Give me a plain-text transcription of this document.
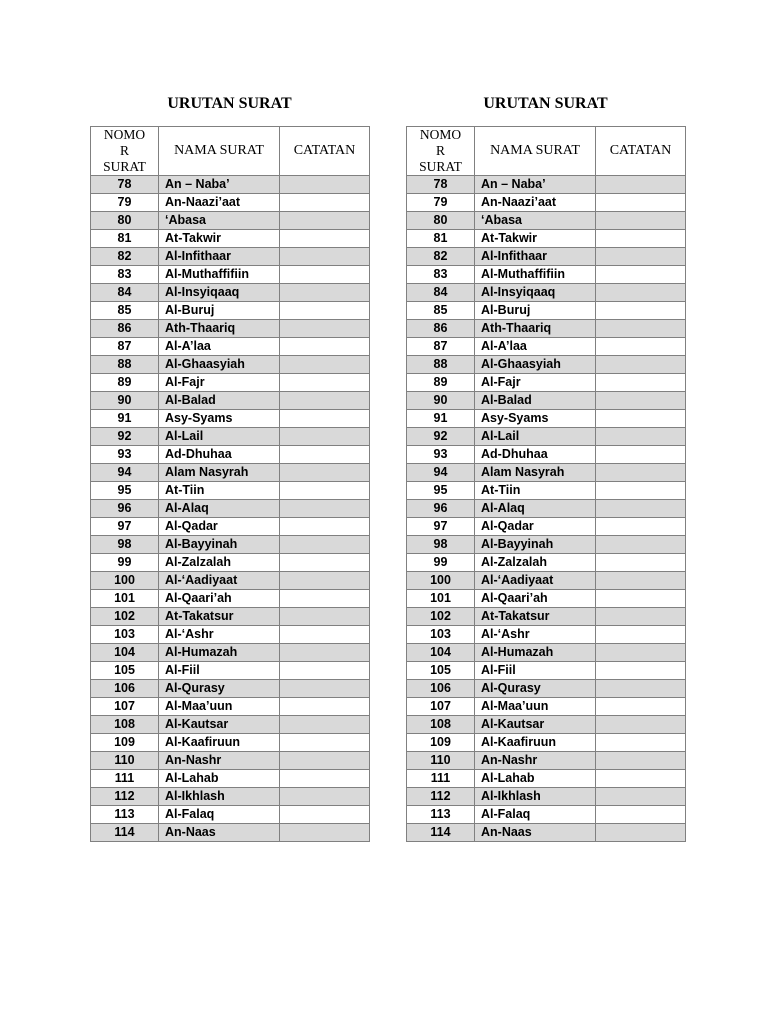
URUTAN SURAT
NOMO
R
SURAT	NAMA SURAT	CATATAN
78	An – Naba’	
79	An-Naazi’aat	
80	‘Abasa	
81	At-Takwir	
82	Al-Infithaar	
83	Al-Muthaffifiin	
84	Al-Insyiqaaq	
85	Al-Buruj	
86	Ath-Thaariq	
87	Al-A’laa	
88	Al-Ghaasyiah	
89	Al-Fajr	
90	Al-Balad	
91	Asy-Syams	
92	Al-Lail	
93	Ad-Dhuhaa	
94	Alam Nasyrah	
95	At-Tiin	
96	Al-Alaq	
97	Al-Qadar	
98	Al-Bayyinah	
99	Al-Zalzalah	
100	Al-‘Aadiyaat	
101	Al-Qaari’ah	
102	At-Takatsur	
103	Al-‘Ashr	
104	Al-Humazah	
105	Al-Fiil	
106	Al-Qurasy	
107	Al-Maa’uun	
108	Al-Kautsar	
109	Al-Kaafiruun	
110	An-Nashr	
111	Al-Lahab	
112	Al-Ikhlash	
113	Al-Falaq	
114	An-Naas	
URUTAN SURAT
NOMO
R
SURAT	NAMA SURAT	CATATAN
78	An – Naba’	
79	An-Naazi’aat	
80	‘Abasa	
81	At-Takwir	
82	Al-Infithaar	
83	Al-Muthaffifiin	
84	Al-Insyiqaaq	
85	Al-Buruj	
86	Ath-Thaariq	
87	Al-A’laa	
88	Al-Ghaasyiah	
89	Al-Fajr	
90	Al-Balad	
91	Asy-Syams	
92	Al-Lail	
93	Ad-Dhuhaa	
94	Alam Nasyrah	
95	At-Tiin	
96	Al-Alaq	
97	Al-Qadar	
98	Al-Bayyinah	
99	Al-Zalzalah	
100	Al-‘Aadiyaat	
101	Al-Qaari’ah	
102	At-Takatsur	
103	Al-‘Ashr	
104	Al-Humazah	
105	Al-Fiil	
106	Al-Qurasy	
107	Al-Maa’uun	
108	Al-Kautsar	
109	Al-Kaafiruun	
110	An-Nashr	
111	Al-Lahab	
112	Al-Ikhlash	
113	Al-Falaq	
114	An-Naas	
